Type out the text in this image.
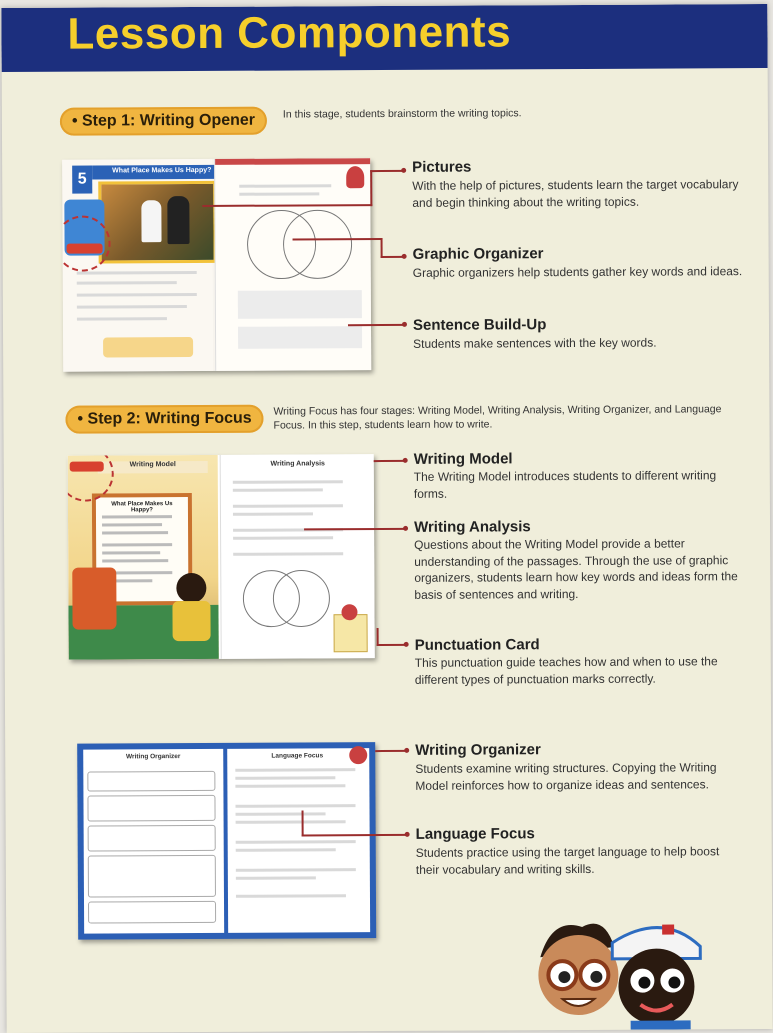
Lesson Components
• Step 1: Writing Opener	In this stage, students brainstorm the writing topics.
What Place Makes Us Happy?
5
Pictures
With the help of pictures, students learn the target vocabulary and begin thinking about the writing topics.
Graphic Organizer
Graphic organizers help students gather key words and ideas.
Sentence Build-Up
Students make sentences with the key words.
• Step 2: Writing Focus	Writing Focus has four stages: Writing Model, Writing Analysis, Writing Organizer, and Language Focus. In this step, students learn how to write.
Writing Model
What Place Makes Us Happy?
Writing Analysis	Writing Model
The Writing Model introduces students to different writing forms.
Writing Analysis
Questions about the Writing Model provide a better understanding of the passages. Through the use of graphic organizers, students learn how key words and ideas form the basis of sentences and writing.
Punctuation Card
This punctuation guide teaches how and when to use the different types of punctuation marks correctly.
Writing Organizer	Language Focus	Writing Organizer
Students examine writing structures. Copying the Writing Model reinforces how to organize ideas and sentences.
Language Focus
Students practice using the target language to help boost their vocabulary and writing skills.
